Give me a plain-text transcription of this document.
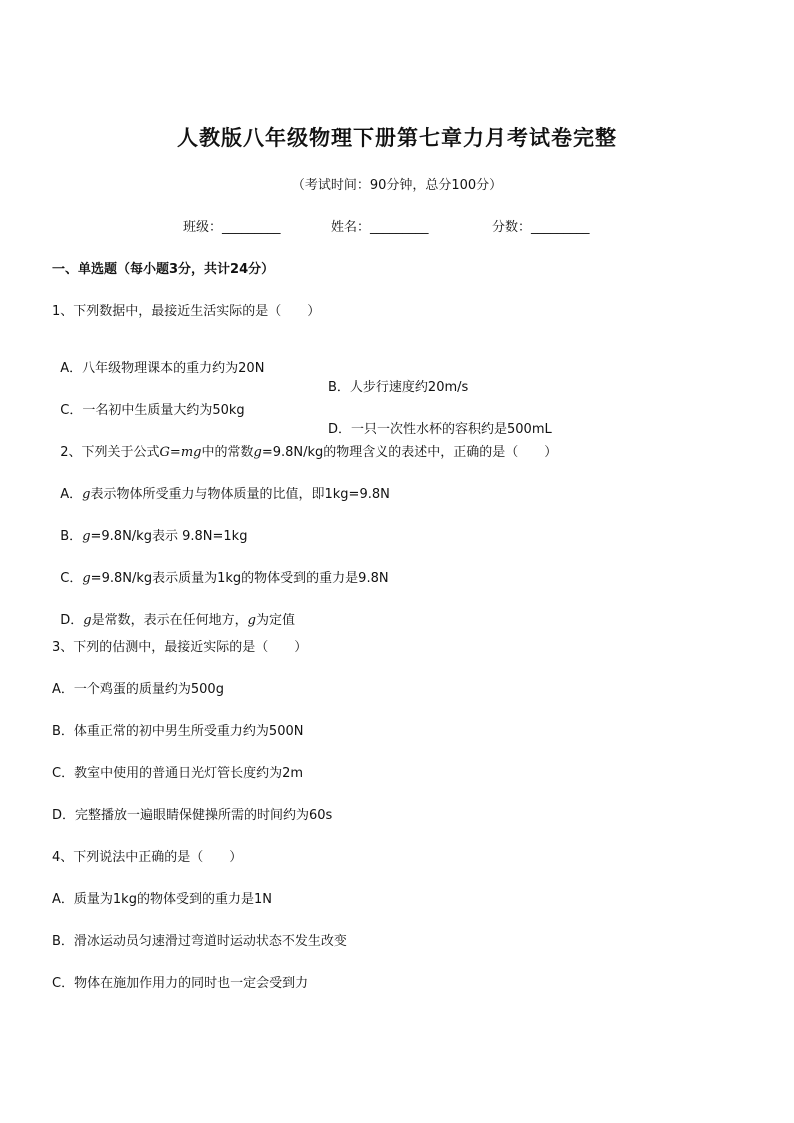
人教版八年级物理下册第七章力月考试卷完整
（考试时间：90分钟，总分100分）
班级：_________	姓名：_________	分数：_________
一、单选题（每小题3分，共计24分）
1、下列数据中，最接近生活实际的是（　　）

A．八年级物理课本的重力约为20N

B．人步行速度约20m/s

C．一名初中生质量大约为50kg

D．一只一次性水杯的容积约是500mL

2、下列关于公式G=mg中的常数g=9.8N/kg的物理含义的表述中，正确的是（　　）

A．g表示物体所受重力与物体质量的比值，即1kg=9.8N

B．g=9.8N/kg表示 9.8N=1kg

C．g=9.8N/kg表示质量为1kg的物体受到的重力是9.8N

D．g是常数，表示在任何地方，g为定值

3、下列的估测中，最接近实际的是（　　）
A．一个鸡蛋的质量约为500g
B．体重正常的初中男生所受重力约为500N
C．教室中使用的普通日光灯管长度约为2m
D．完整播放一遍眼睛保健操所需的时间约为60s
4、下列说法中正确的是（　　）
A．质量为1kg的物体受到的重力是1N
B．滑冰运动员匀速滑过弯道时运动状态不发生改变
C．物体在施加作用力的同时也一定会受到力
